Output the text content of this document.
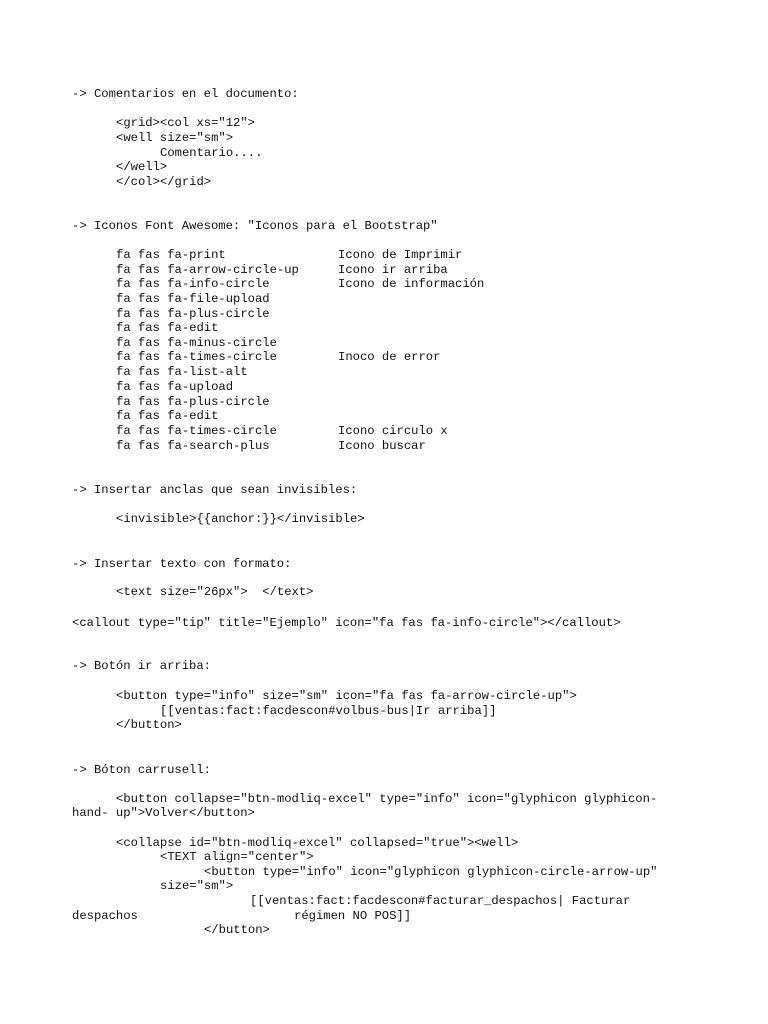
-> Comentarios en el documento:
<grid><col xs="12">
<well size="sm">
Comentario....
</well>
</col></grid>
-> Iconos Font Awesome: "Iconos para el Bootstrap"
fa fas fa-print	Icono de Imprimir
fa fas fa-arrow-circle-up	Icono ir arriba
fa fas fa-info-circle	Icono de información
fa fas fa-file-upload
fa fas fa-plus-circle
fa fas fa-edit
fa fas fa-minus-circle
fa fas fa-times-circle	Inoco de error
fa fas fa-list-alt
fa fas fa-upload
fa fas fa-plus-circle
fa fas fa-edit
fa fas fa-times-circle	Icono circulo x
fa fas fa-search-plus	Icono buscar
-> Insertar anclas que sean invisibles:
<invisible>{{anchor:}}</invisible>
-> Insertar texto con formato:
<text size="26px">  </text>
<callout type="tip" title="Ejemplo" icon="fa fas fa-info-circle"></callout>
-> Botón ir arriba:
<button type="info" size="sm" icon="fa fas fa-arrow-circle-up">
[[ventas:fact:facdescon#volbus-bus|Ir arriba]]
</button>
-> Bóton carrusell:
<button collapse="btn-modliq-excel" type="info" icon="glyphicon glyphicon-
hand- up">Volver</button>
<collapse id="btn-modliq-excel" collapsed="true"><well>
<TEXT align="center">
<button type="info" icon="glyphicon glyphicon-circle-arrow-up"
size="sm">
[[ventas:fact:facdescon#facturar_despachos| Facturar
despachos	régimen NO POS]]
</button>
